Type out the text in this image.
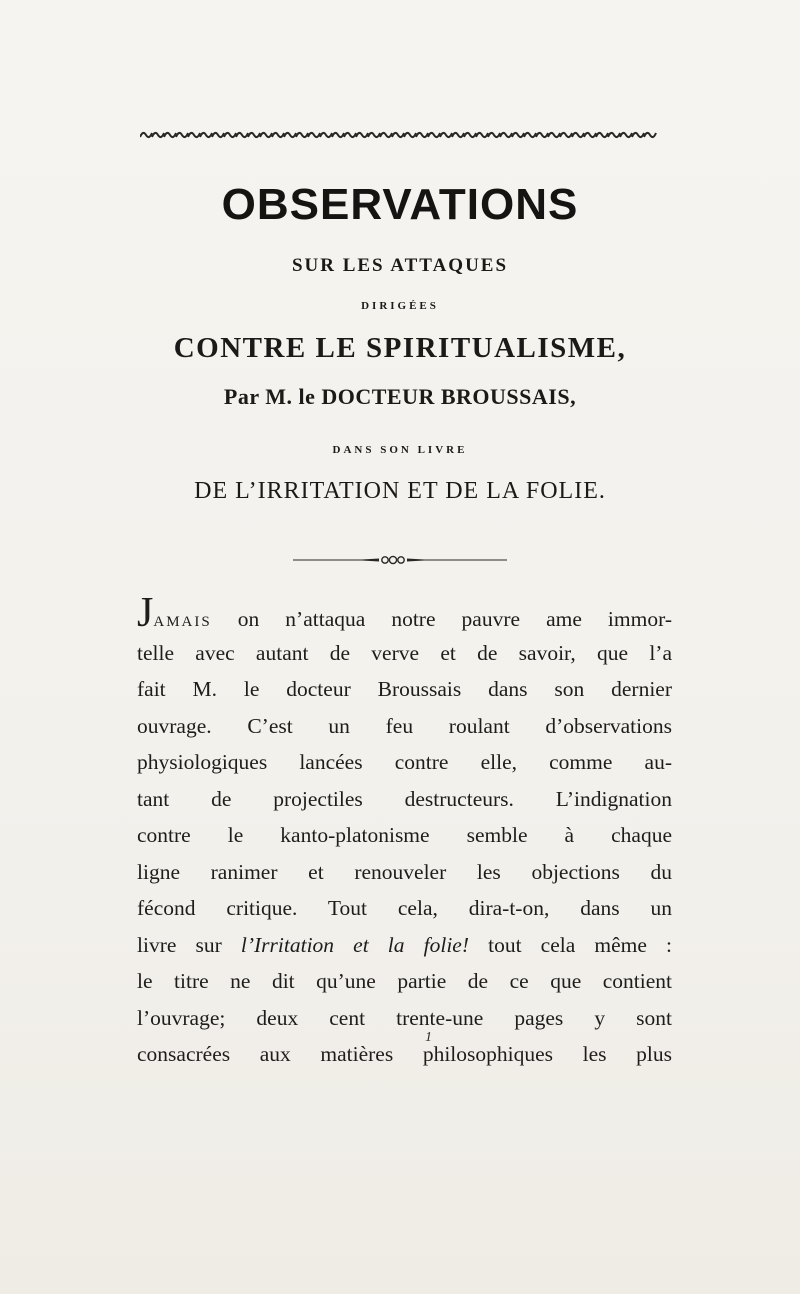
OBSERVATIONS
SUR LES ATTAQUES
DIRIGÉES
CONTRE LE SPIRITUALISME,
Par M. le DOCTEUR BROUSSAIS,
DANS SON LIVRE
DE L’IRRITATION ET DE LA FOLIE.
JAMAIS on n’attaqua notre pauvre ame immor-
telle avec autant de verve et de savoir, que l’a
fait M. le docteur Broussais dans son dernier
ouvrage. C’est un feu roulant d’observations
physiologiques lancées contre elle, comme au-
tant de projectiles destructeurs. L’indignation
contre le kanto-platonisme semble à chaque
ligne ranimer et renouveler les objections du
fécond critique. Tout cela, dira-t-on, dans un
livre sur l’Irritation et la folie! tout cela même :
le titre ne dit qu’une partie de ce que contient
l’ouvrage; deux cent trente-une pages y sont
consacrées aux matières philosophiques les plus
1
